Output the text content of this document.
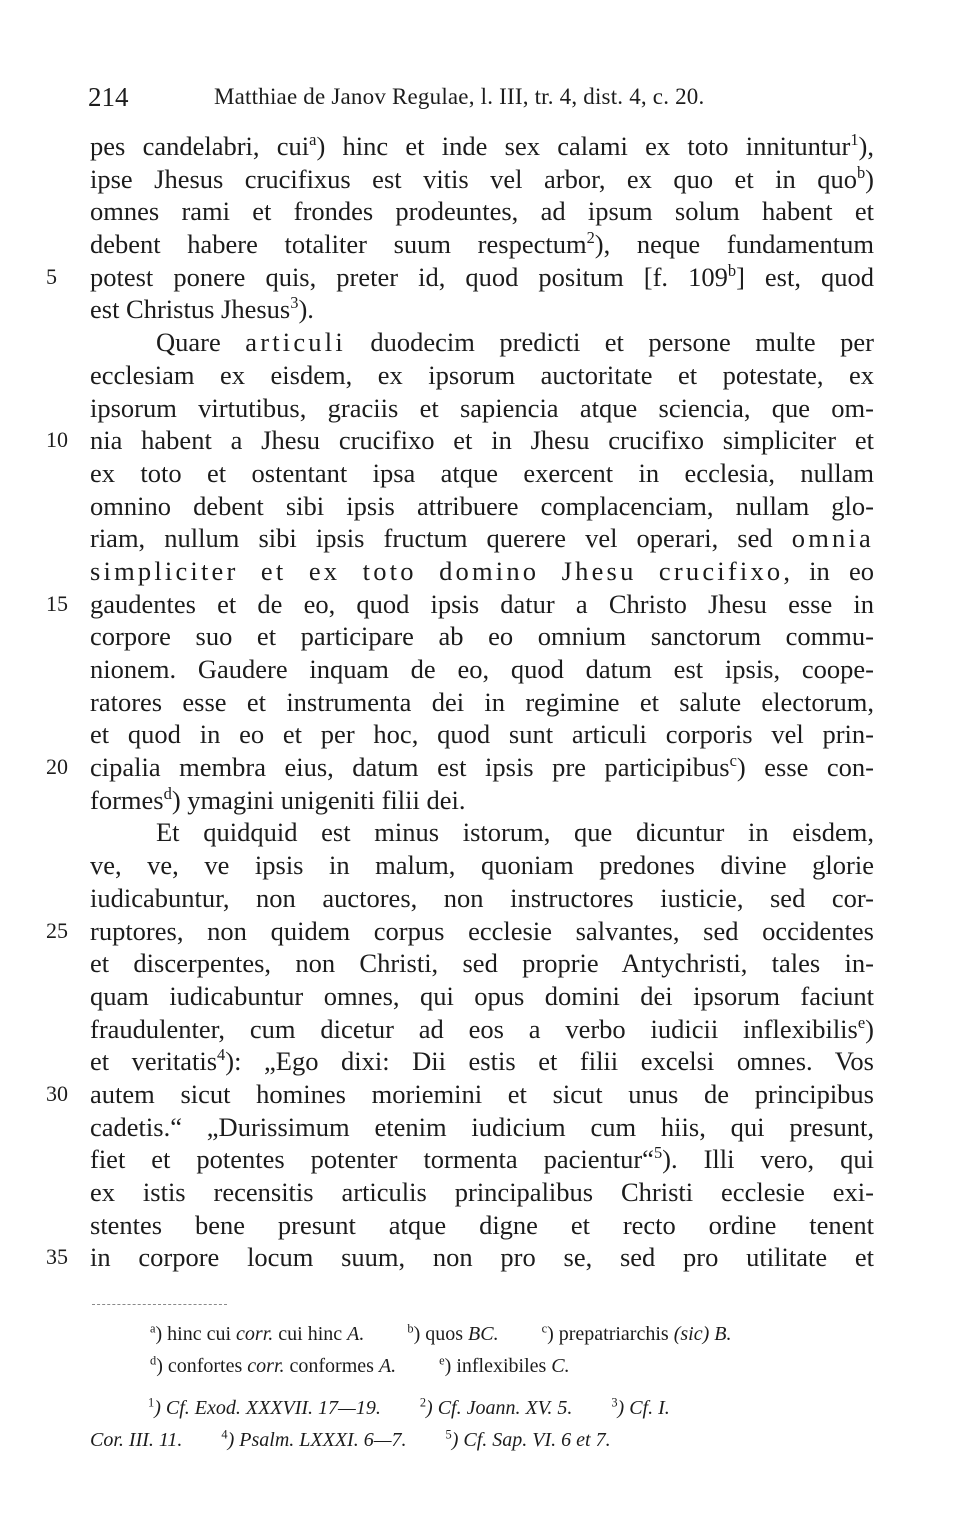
214	Matthiae de Janov Regulae, l. III, tr. 4, dist. 4, c. 20.
pes candelabri, cui$^a$) hinc et inde sex calami ex toto innituntur$^1$),
ipse Jhesus crucifixus est vitis vel arbor, ex quo et in quo$^b$)
omnes rami et frondes prodeuntes, ad ipsum solum habent et
debent habere totaliter suum respectum$^2$), neque fundamentum
5 potest ponere quis, preter id, quod positum [f. 109$^b$] est, quod
est Christus Jhesus$^3$).
Quare articuli duodecim predicti et persone multe per
ecclesiam ex eisdem, ex ipsorum auctoritate et potestate, ex
ipsorum virtutibus, graciis et sapiencia atque sciencia, que om-
10 nia habent a Jhesu crucifixo et in Jhesu crucifixo simpliciter et
ex toto et ostentant ipsa atque exercent in ecclesia, nullam
omnino debent sibi ipsis attribuere complacenciam, nullam glo-
riam, nullum sibi ipsis fructum querere vel operari, sed omnia
simpliciter et ex toto domino Jhesu crucifixo, in eo
15 gaudentes et de eo, quod ipsis datur a Christo Jhesu esse in
corpore suo et participare ab eo omnium sanctorum commu-
nionem. Gaudere inquam de eo, quod datum est ipsis, coope-
ratores esse et instrumenta dei in regimine et salute electorum,
et quod in eo et per hoc, quod sunt articuli corporis vel prin-
20 cipalia membra eius, datum est ipsis pre participibus$^c$) esse con-
formes$^d$) ymagini unigeniti filii dei.
Et quidquid est minus istorum, que dicuntur in eisdem,
ve, ve, ve ipsis in malum, quoniam predones divine glorie
iudicabuntur, non auctores, non instructores iusticie, sed cor-
25 ruptores, non quidem corpus ecclesie salvantes, sed occidentes
et discerpentes, non Christi, sed proprie Antychristi, tales in-
quam iudicabuntur omnes, qui opus domini dei ipsorum faciunt
fraudulenter, cum dicetur ad eos a verbo iudicii inflexibilis$^e$)
et veritatis$^4$): „Ego dixi: Dii estis et filii excelsi omnes. Vos
30 autem sicut homines moriemini et sicut unus de principibus
cadetis.“ „Durissimum etenim iudicium cum hiis, qui presunt,
fiet et potentes potenter tormenta pacientur“$^5$). Illi vero, qui
ex istis recensitis articulis principalibus Christi ecclesie exi-
stentes bene presunt atque digne et recto ordine tenent
35 in corpore locum suum, non pro se, sed pro utilitate et
$^a$) hinc cui corr. cui hinc A.	$^b$) quos BC.	$^c$) prepatriarchis (sic) B.
$^d$) confortes corr. conformes A.	$^e$) inflexibiles C.
$^1$) Cf. Exod. XXXVII. 17—19.	$^2$) Cf. Joann. XV. 5.	$^3$) Cf. I.
Cor. III. 11.	$^4$) Psalm. LXXXI. 6—7.	$^5$) Cf. Sap. VI. 6 et 7.
